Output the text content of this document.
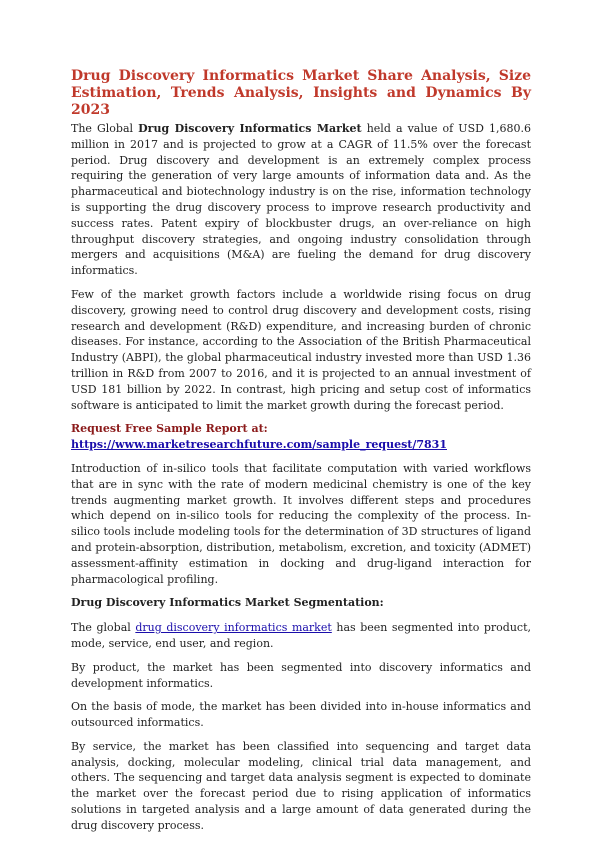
Drug Discovery Informatics Market Share Analysis, Size Estimation, Trends Analysis, Insights and Dynamics By 2023

The Global Drug Discovery Informatics Market held a value of USD 1,680.6 million in 2017 and is projected to grow at a CAGR of 11.5% over the forecast period. Drug discovery and development is an extremely complex process requiring the generation of very large amounts of information data and. As the pharmaceutical and biotechnology industry is on the rise, information technology is supporting the drug discovery process to improve research productivity and success rates. Patent expiry of blockbuster drugs, an over-reliance on high throughput discovery strategies, and ongoing industry consolidation through mergers and acquisitions (M&A) are fueling the demand for drug discovery informatics.

Few of the market growth factors include a worldwide rising focus on drug discovery, growing need to control drug discovery and development costs, rising research and development (R&D) expenditure, and increasing burden of chronic diseases. For instance, according to the Association of the British Pharmaceutical Industry (ABPI), the global pharmaceutical industry invested more than USD 1.36 trillion in R&D from 2007 to 2016, and it is projected to an annual investment of USD 181 billion by 2022. In contrast, high pricing and setup cost of informatics software is anticipated to limit the market growth during the forecast period.

Request Free Sample Report at:
https://www.marketresearchfuture.com/sample_request/7831

Introduction of in-silico tools that facilitate computation with varied workflows that are in sync with the rate of modern medicinal chemistry is one of the key trends augmenting market growth. It involves different steps and procedures which depend on in-silico tools for reducing the complexity of the process. In-silico tools include modeling tools for the determination of 3D structures of ligand and protein-absorption, distribution, metabolism, excretion, and toxicity (ADMET) assessment-affinity estimation in docking and drug-ligand interaction for pharmacological profiling.

Drug Discovery Informatics Market Segmentation:

The global drug discovery informatics market has been segmented into product, mode, service, end user, and region.

By product, the market has been segmented into discovery informatics and development informatics.

On the basis of mode, the market has been divided into in-house informatics and outsourced informatics.

By service, the market has been classified into sequencing and target data analysis, docking, molecular modeling, clinical trial data management, and others. The sequencing and target data analysis segment is expected to dominate the market over the forecast period due to rising application of informatics solutions in targeted analysis and a large amount of data generated during the drug discovery process.
